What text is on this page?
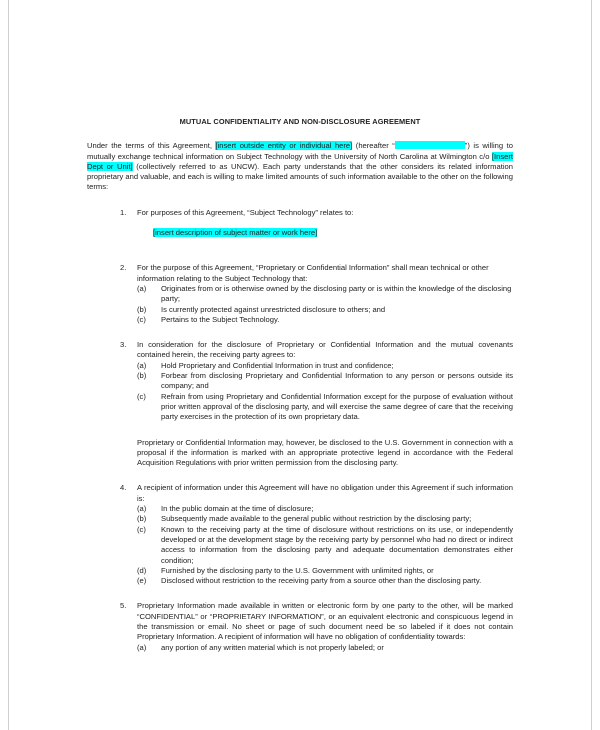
MUTUAL CONFIDENTIALITY AND NON-DISCLOSURE AGREEMENT

Under the terms of this Agreement, [insert outside entity or individual here] (hereafter “	”) is willing to mutually exchange technical information on Subject Technology with the University of North Carolina at Wilmington c/o [Insert Dept or Unit] (collectively referred to as UNCW). Each party understands that the other considers its related information proprietary and valuable, and each is willing to make limited amounts of such information available to the other on the following terms:

1. For purposes of this Agreement, “Subject Technology” relates to:

[insert description of subject matter or work here]

2. For the purpose of this Agreement, “Proprietary or Confidential Information” shall mean technical or other information relating to the Subject Technology that:

(a) Originates from or is otherwise owned by the disclosing party or is within the knowledge of the disclosing party;

(b) Is currently protected against unrestricted disclosure to others; and

(c) Pertains to the Subject Technology.

3. In consideration for the disclosure of Proprietary or Confidential Information and the mutual covenants contained herein, the receiving party agrees to:

(a) Hold Proprietary and Confidential Information in trust and confidence;

(b) Forbear from disclosing Proprietary and Confidential Information to any person or persons outside its company; and

(c) Refrain from using Proprietary and Confidential Information except for the purpose of evaluation without prior written approval of the disclosing party, and will exercise the same degree of care that the receiving party exercises in the protection of its own proprietary data.

Proprietary or Confidential Information may, however, be disclosed to the U.S. Government in connection with a proposal if the information is marked with an appropriate protective legend in accordance with the Federal Acquisition Regulations with prior written permission from the disclosing party.

4. A recipient of information under this Agreement will have no obligation under this Agreement if such information is:

(a) In the public domain at the time of disclosure;

(b) Subsequently made available to the general public without restriction by the disclosing party;

(c) Known to the receiving party at the time of disclosure without restrictions on its use, or independently developed or at the development stage by the receiving party by personnel who had no direct or indirect access to information from the disclosing party and adequate documentation demonstrates either condition;

(d) Furnished by the disclosing party to the U.S. Government with unlimited rights, or

(e) Disclosed without restriction to the receiving party from a source other than the disclosing party.

5. Proprietary Information made available in written or electronic form by one party to the other, will be marked “CONFIDENTIAL” or “PROPRIETARY INFORMATION”, or an equivalent electronic and conspicuous legend in the transmission or email. No sheet or page of such document need be so labeled if it does not contain Proprietary Information. A recipient of information will have no obligation of confidentiality towards:

(a) any portion of any written material which is not properly labeled; or
